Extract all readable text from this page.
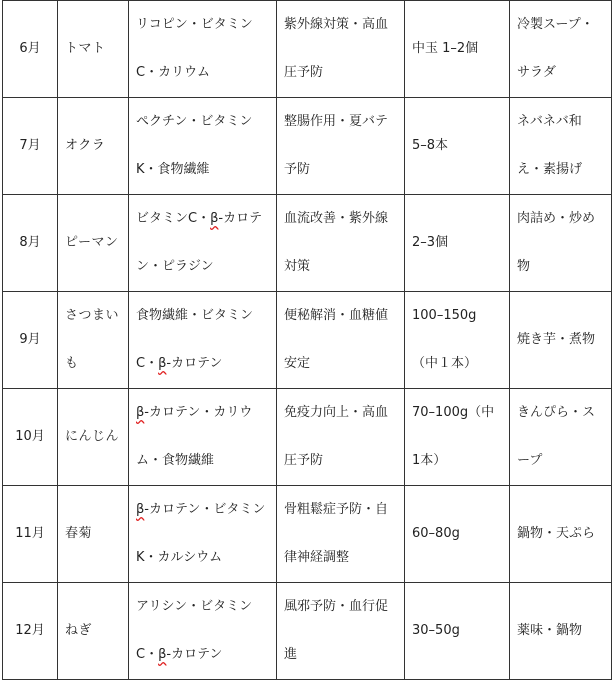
6月	トマト	リコピン・ビタミンC・カリウム	紫外線対策・高血圧予防	中玉 1–2個	冷製スープ・サラダ
7月	オクラ	ペクチン・ビタミンK・食物繊維	整腸作用・夏バテ予防	5–8本	ネバネバ和え・素揚げ
8月	ピーマン	ビタミンC・β-カロテン・ピラジン	血流改善・紫外線対策	2–3個	肉詰め・炒め物
9月	さつまいも	食物繊維・ビタミンC・β-カロテン	便秘解消・血糖値安定	100–150g（中１本）	焼き芋・煮物
10月	にんじん	β-カロテン・カリウム・食物繊維	免疫力向上・高血圧予防	70–100g（中1本）	きんぴら・スープ
11月	春菊	β-カロテン・ビタミンK・カルシウム	骨粗鬆症予防・自律神経調整	60–80g	鍋物・天ぷら
12月	ねぎ	アリシン・ビタミンC・β-カロテン	風邪予防・血行促進	30–50g	薬味・鍋物
